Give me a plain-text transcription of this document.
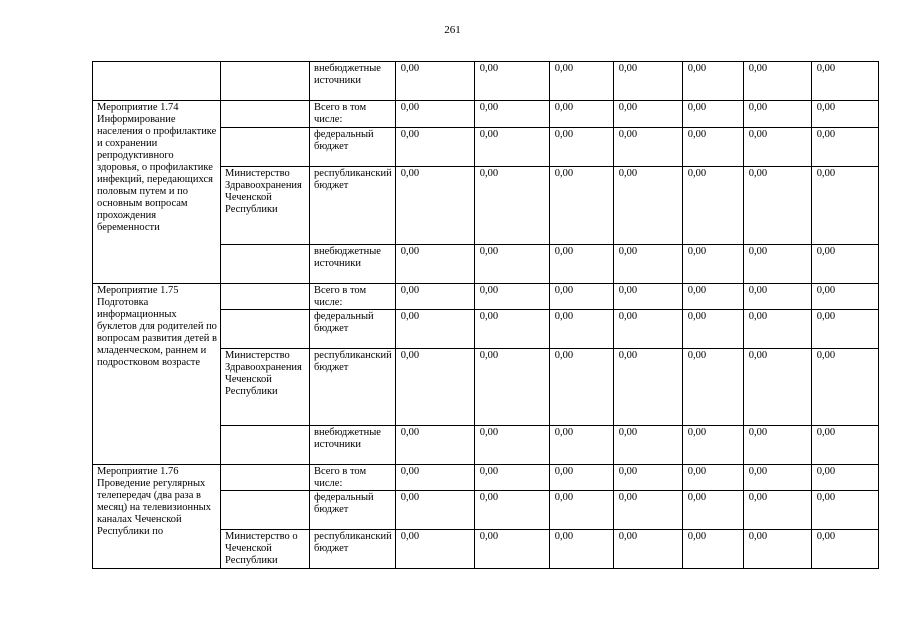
261
		внебюджетные источники	0,00	0,00	0,00	0,00	0,00	0,00	0,00
Мероприятие 1.74 Информирование населения о профилактике и сохранении репродуктивного здоровья, о профилактике инфекций, передающихся половым путем и по основным вопросам прохождения беременности		Всего в том числе:	0,00	0,00	0,00	0,00	0,00	0,00	0,00
		федеральный бюджет	0,00	0,00	0,00	0,00	0,00	0,00	0,00
	Министерство Здравоохранения Чеченской Республики	республиканский бюджет	0,00	0,00	0,00	0,00	0,00	0,00	0,00
		внебюджетные источники	0,00	0,00	0,00	0,00	0,00	0,00	0,00
Мероприятие 1.75 Подготовка информационных буклетов для родителей по вопросам развития детей в младенческом, раннем и подростковом возрасте		Всего в том числе:	0,00	0,00	0,00	0,00	0,00	0,00	0,00
		федеральный бюджет	0,00	0,00	0,00	0,00	0,00	0,00	0,00
	Министерство Здравоохранения Чеченской Республики	республиканский бюджет	0,00	0,00	0,00	0,00	0,00	0,00	0,00
		внебюджетные источники	0,00	0,00	0,00	0,00	0,00	0,00	0,00
Мероприятие 1.76 Проведение регулярных телепередач (два раза в месяц) на телевизионных каналах Чеченской Республики по		Всего в том числе:	0,00	0,00	0,00	0,00	0,00	0,00	0,00
		федеральный бюджет	0,00	0,00	0,00	0,00	0,00	0,00	0,00
	Министерство о Чеченской Республики	республиканский бюджет	0,00	0,00	0,00	0,00	0,00	0,00	0,00
